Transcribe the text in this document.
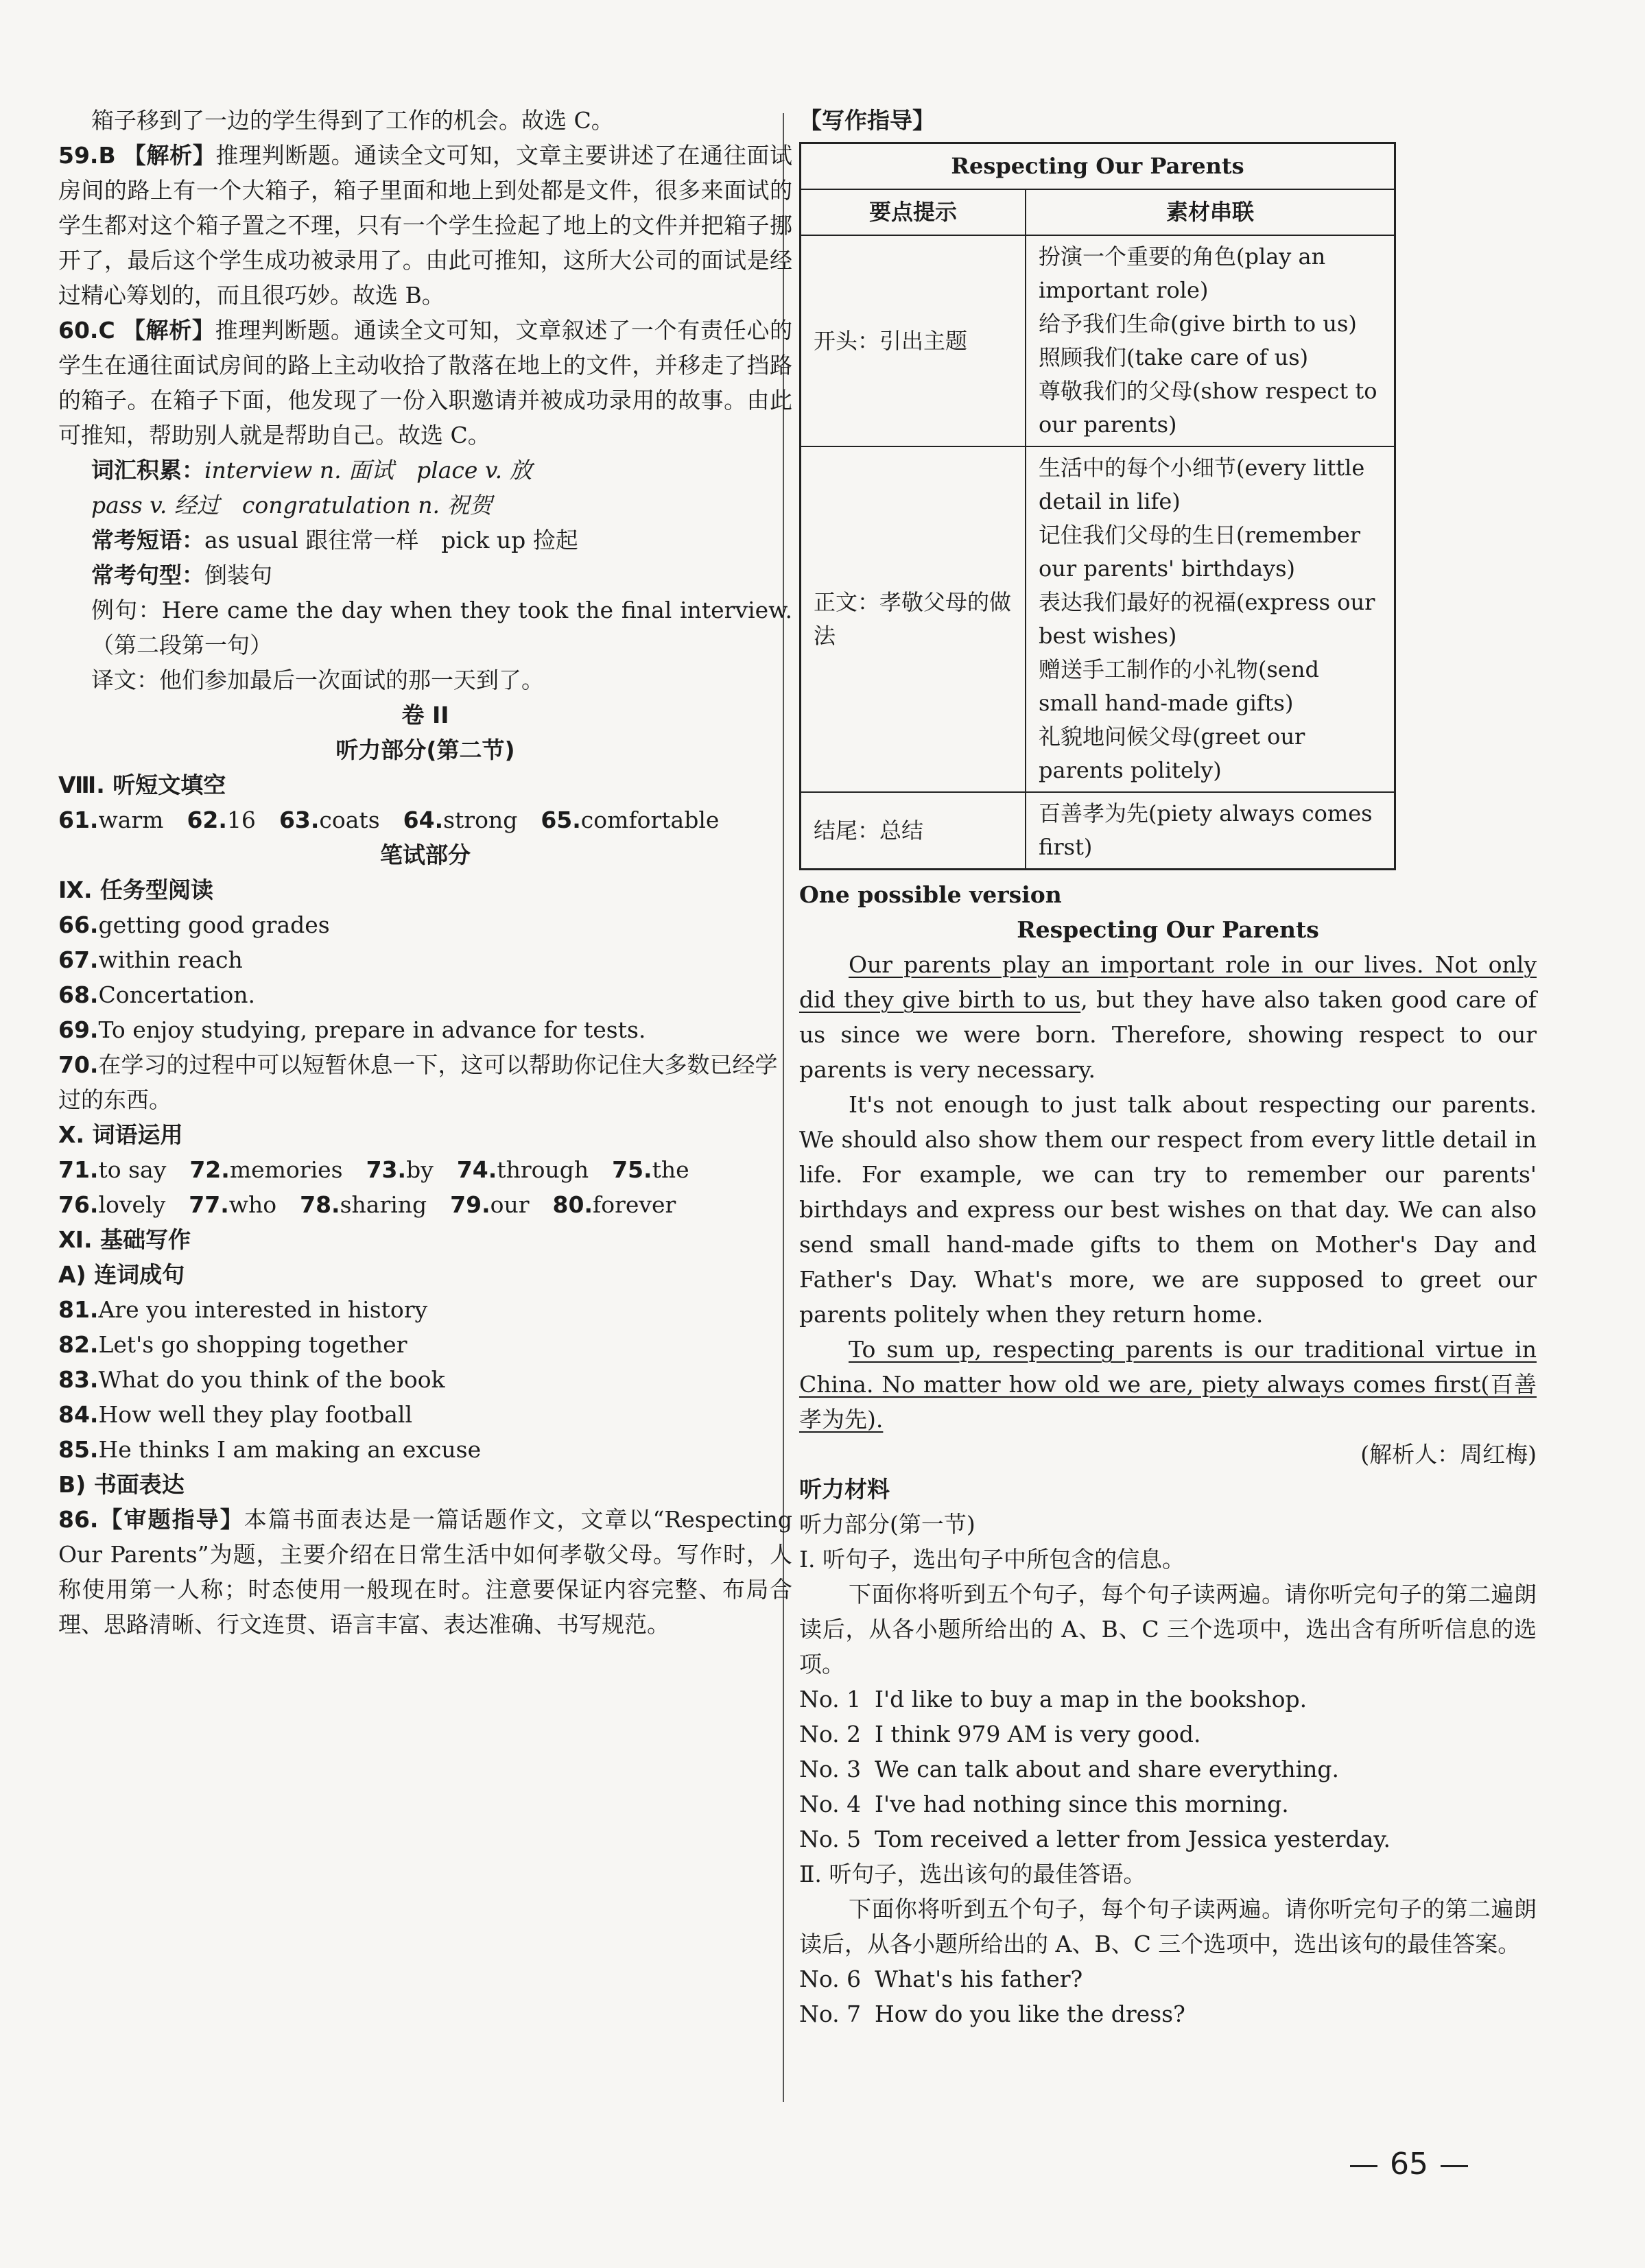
箱子移到了一边的学生得到了工作的机会。故选 C。

59.B 【解析】推理判断题。通读全文可知，文章主要讲述了在通往面试房间的路上有一个大箱子，箱子里面和地上到处都是文件，很多来面试的学生都对这个箱子置之不理，只有一个学生捡起了地上的文件并把箱子挪开了，最后这个学生成功被录用了。由此可推知，这所大公司的面试是经过精心筹划的，而且很巧妙。故选 B。

60.C 【解析】推理判断题。通读全文可知，文章叙述了一个有责任心的学生在通往面试房间的路上主动收拾了散落在地上的文件，并移走了挡路的箱子。在箱子下面，他发现了一份入职邀请并被成功录用的故事。由此可推知，帮助别人就是帮助自己。故选 C。

词汇积累：interview n. 面试　place v. 放

pass v. 经过　congratulation n. 祝贺

常考短语：as usual 跟往常一样　pick up 捡起

常考句型：倒装句

例句：Here came the day when they took the final interview.（第二段第一句）

译文：他们参加最后一次面试的那一天到了。

卷 II

听力部分(第二节)

Ⅷ. 听短文填空

61.warm 62.16 63.coats 64.strong 65.comfortable

笔试部分

Ⅸ. 任务型阅读

66.getting good grades

67.within reach

68.Concertation.

69.To enjoy studying, prepare in advance for tests.

70.在学习的过程中可以短暂休息一下，这可以帮助你记住大多数已经学过的东西。

Ⅹ. 词语运用

71.to say 72.memories 73.by 74.through 75.the

76.lovely 77.who 78.sharing 79.our 80.forever

Ⅺ. 基础写作

A) 连词成句

81.Are you interested in history

82.Let's go shopping together

83.What do you think of the book

84.How well they play football

85.He thinks I am making an excuse

B) 书面表达

86.【审题指导】本篇书面表达是一篇话题作文，文章以“Respecting Our Parents”为题，主要介绍在日常生活中如何孝敬父母。写作时，人称使用第一人称；时态使用一般现在时。注意要保证内容完整、布局合理、思路清晰、行文连贯、语言丰富、表达准确、书写规范。

【写作指导】

Respecting Our Parents	
要点提示	素材串联
开头：引出主题	扮演一个重要的角色(play an important role)
给予我们生命(give birth to us)
照顾我们(take care of us)
尊敬我们的父母(show respect to our parents)

正文：孝敬父母的做法	生活中的每个小细节(every little detail in life)
记住我们父母的生日(remember our parents' birthdays)
表达我们最好的祝福(express our best wishes)
赠送手工制作的小礼物(send small hand-made gifts)
礼貌地问候父母(greet our parents politely)

结尾：总结	百善孝为先(piety always comes first)

One possible version

Respecting Our Parents

Our parents play an important role in our lives. Not only did they give birth to us, but they have also taken good care of us since we were born. Therefore, showing respect to our parents is very necessary.

It's not enough to just talk about respecting our parents. We should also show them our respect from every little detail in life. For example, we can try to remember our parents' birthdays and express our best wishes on that day. We can also send small hand-made gifts to them on Mother's Day and Father's Day. What's more, we are supposed to greet our parents politely when they return home.

To sum up, respecting parents is our traditional virtue in China. No matter how old we are, piety always comes first(百善孝为先).

(解析人：周红梅)

听力材料

听力部分(第一节)

Ⅰ. 听句子，选出句子中所包含的信息。

下面你将听到五个句子，每个句子读两遍。请你听完句子的第二遍朗读后，从各小题所给出的 A、B、C 三个选项中，选出含有所听信息的选项。

No. 1 I'd like to buy a map in the bookshop.

No. 2 I think 979 AM is very good.

No. 3 We can talk about and share everything.

No. 4 I've had nothing since this morning.

No. 5 Tom received a letter from Jessica yesterday.

Ⅱ. 听句子，选出该句的最佳答语。

下面你将听到五个句子，每个句子读两遍。请你听完句子的第二遍朗读后，从各小题所给出的 A、B、C 三个选项中，选出该句的最佳答案。

No. 6 What's his father?

No. 7 How do you like the dress?

65
